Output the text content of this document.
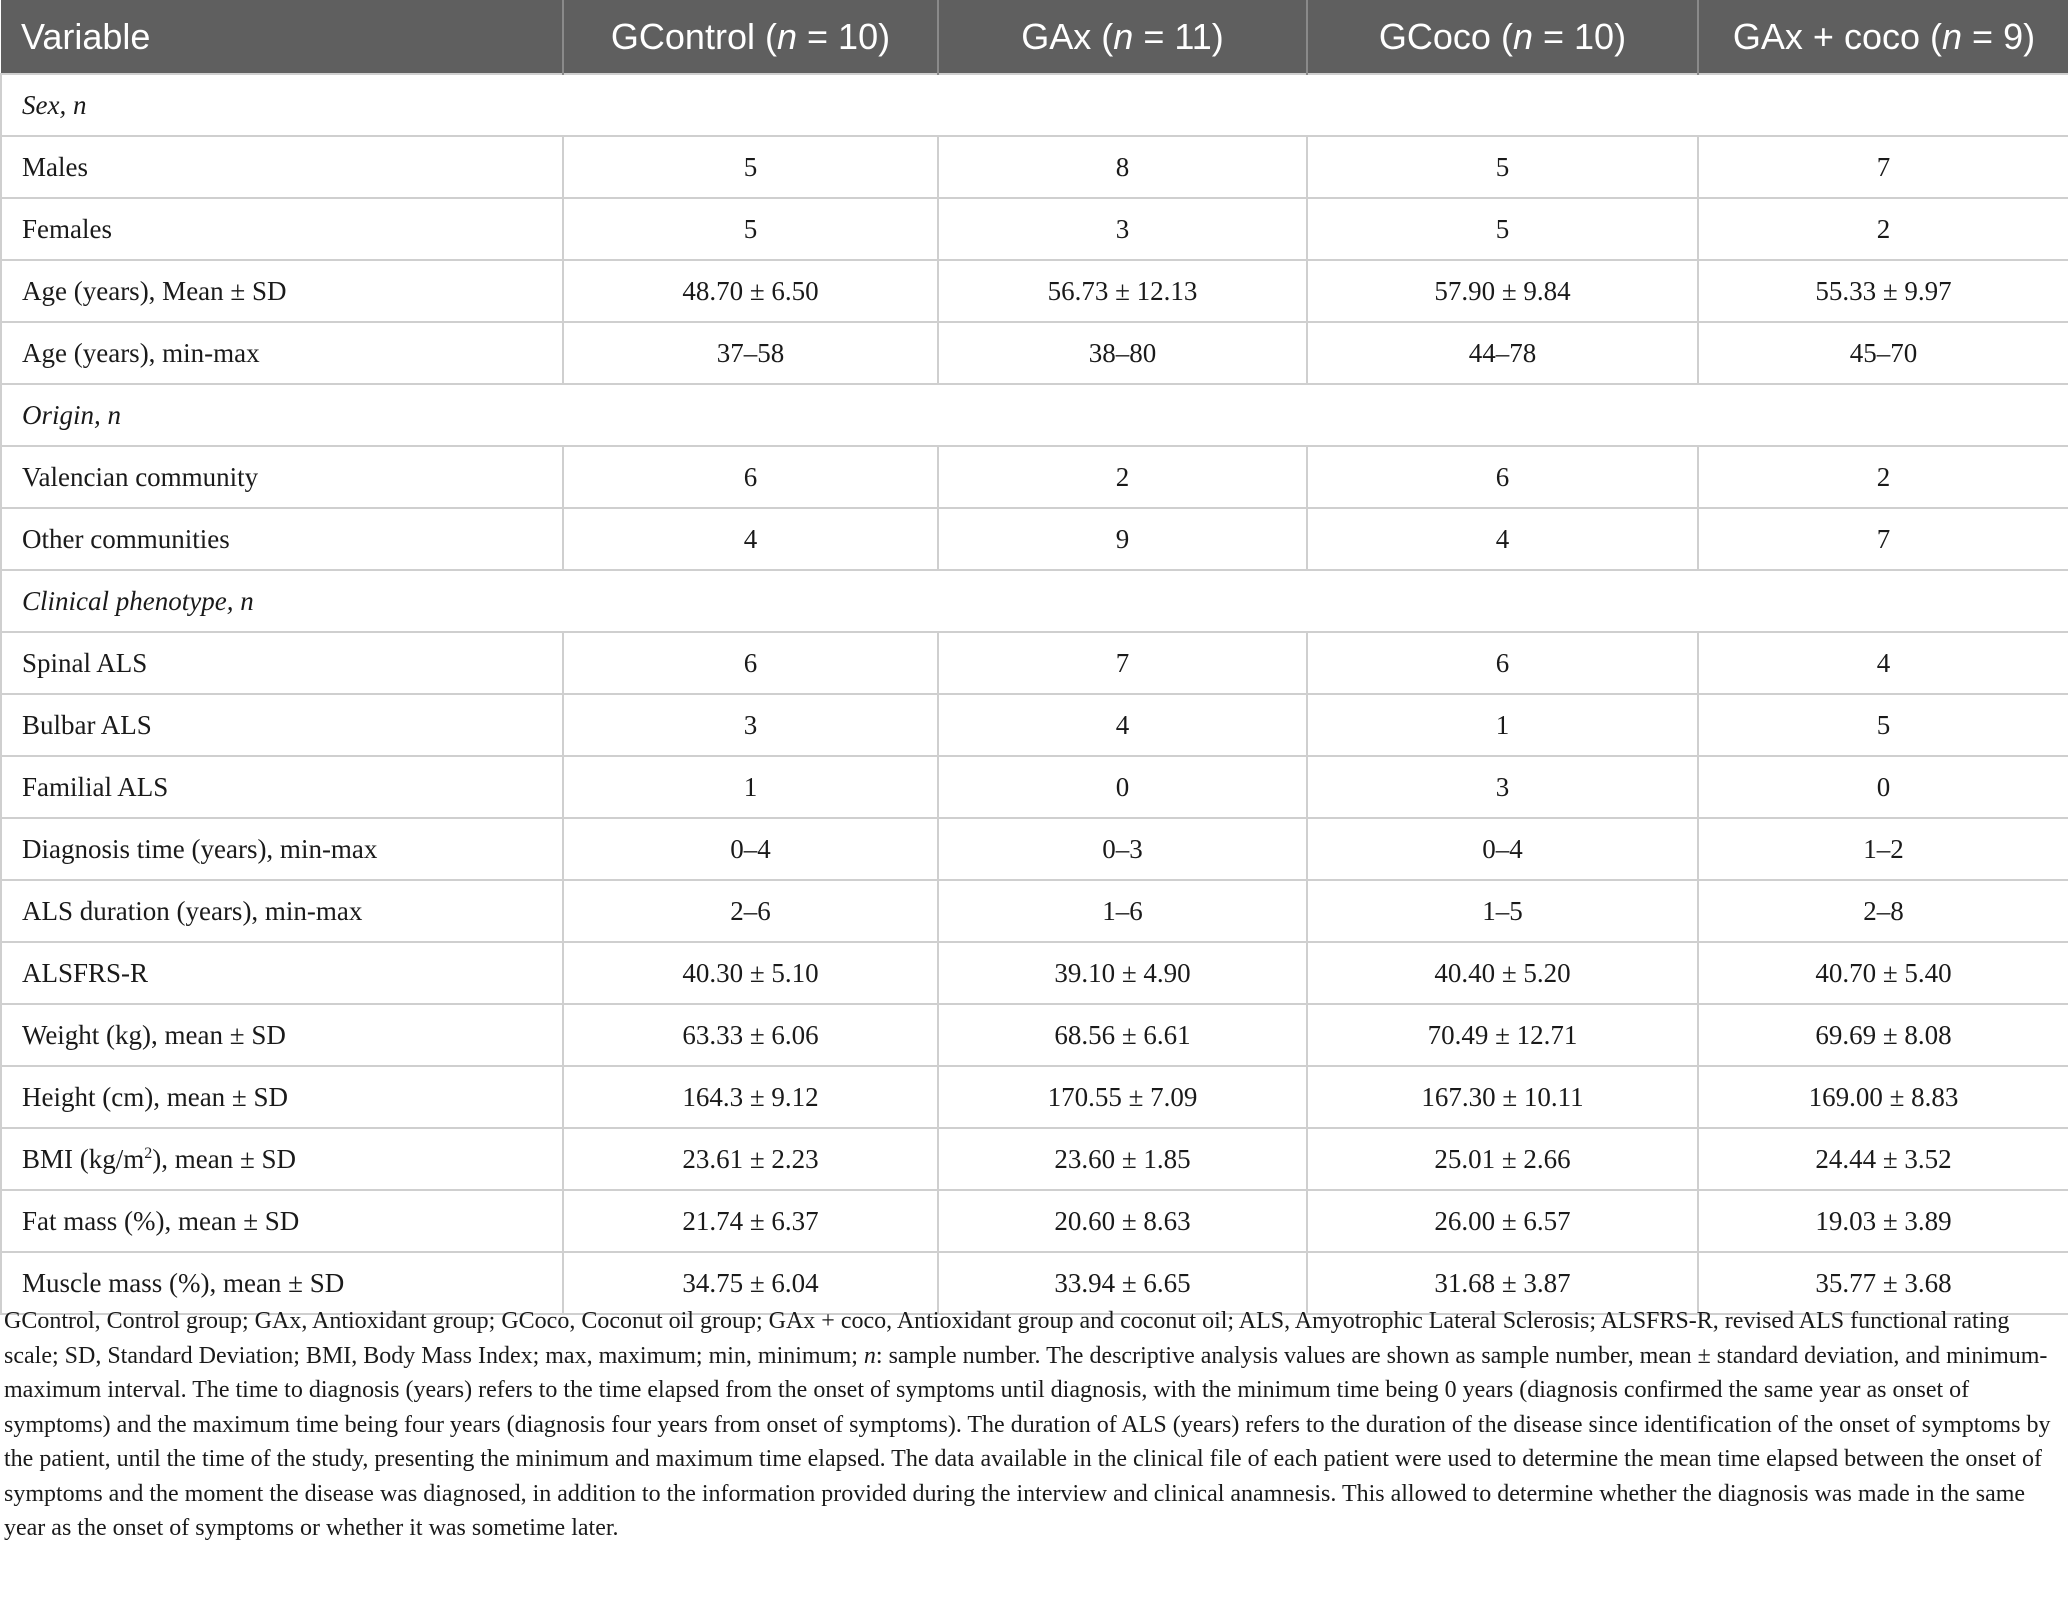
Variable	GControl (n = 10)	GAx (n = 11)	GCoco (n = 10)	GAx + coco (n = 9)
Sex, n				
Males	5	8	5	7
Females	5	3	5	2
Age (years), Mean ± SD	48.70 ± 6.50	56.73 ± 12.13	57.90 ± 9.84	55.33 ± 9.97
Age (years), min-max	37–58	38–80	44–78	45–70
Origin, n				
Valencian community	6	2	6	2
Other communities	4	9	4	7
Clinical phenotype, n				
Spinal ALS	6	7	6	4
Bulbar ALS	3	4	1	5
Familial ALS	1	0	3	0
Diagnosis time (years), min-max	0–4	0–3	0–4	1–2
ALS duration (years), min-max	2–6	1–6	1–5	2–8
ALSFRS-R	40.30 ± 5.10	39.10 ± 4.90	40.40 ± 5.20	40.70 ± 5.40
Weight (kg), mean ± SD	63.33 ± 6.06	68.56 ± 6.61	70.49 ± 12.71	69.69 ± 8.08
Height (cm), mean ± SD	164.3 ± 9.12	170.55 ± 7.09	167.30 ± 10.11	169.00 ± 8.83
BMI $(kg/m^2)$, mean ± SD	23.61 ± 2.23	23.60 ± 1.85	25.01 ± 2.66	24.44 ± 3.52
Fat mass (%), mean ± SD	21.74 ± 6.37	20.60 ± 8.63	26.00 ± 6.57	19.03 ± 3.89
Muscle mass (%), mean ± SD	34.75 ± 6.04	33.94 ± 6.65	31.68 ± 3.87	35.77 ± 3.68
GControl, Control group; GAx, Antioxidant group; GCoco, Coconut oil group; GAx + coco, Antioxidant group and coconut oil; ALS, Amyotrophic Lateral Sclerosis; ALSFRS-R, revised ALS functional rating scale; SD, Standard Deviation; BMI, Body Mass Index; max, maximum; min, minimum; n: sample number. The descriptive analysis values are shown as sample number, mean ± standard deviation, and minimum-maximum interval. The time to diagnosis (years) refers to the time elapsed from the onset of symptoms until diagnosis, with the minimum time being 0 years (diagnosis confirmed the same year as onset of symptoms) and the maximum time being four years (diagnosis four years from onset of symptoms). The duration of ALS (years) refers to the duration of the disease since identification of the onset of symptoms by the patient, until the time of the study, presenting the minimum and maximum time elapsed. The data available in the clinical file of each patient were used to determine the mean time elapsed between the onset of symptoms and the moment the disease was diagnosed, in addition to the information provided during the interview and clinical anamnesis. This allowed to determine whether the diagnosis was made in the same year as the onset of symptoms or whether it was sometime later.
